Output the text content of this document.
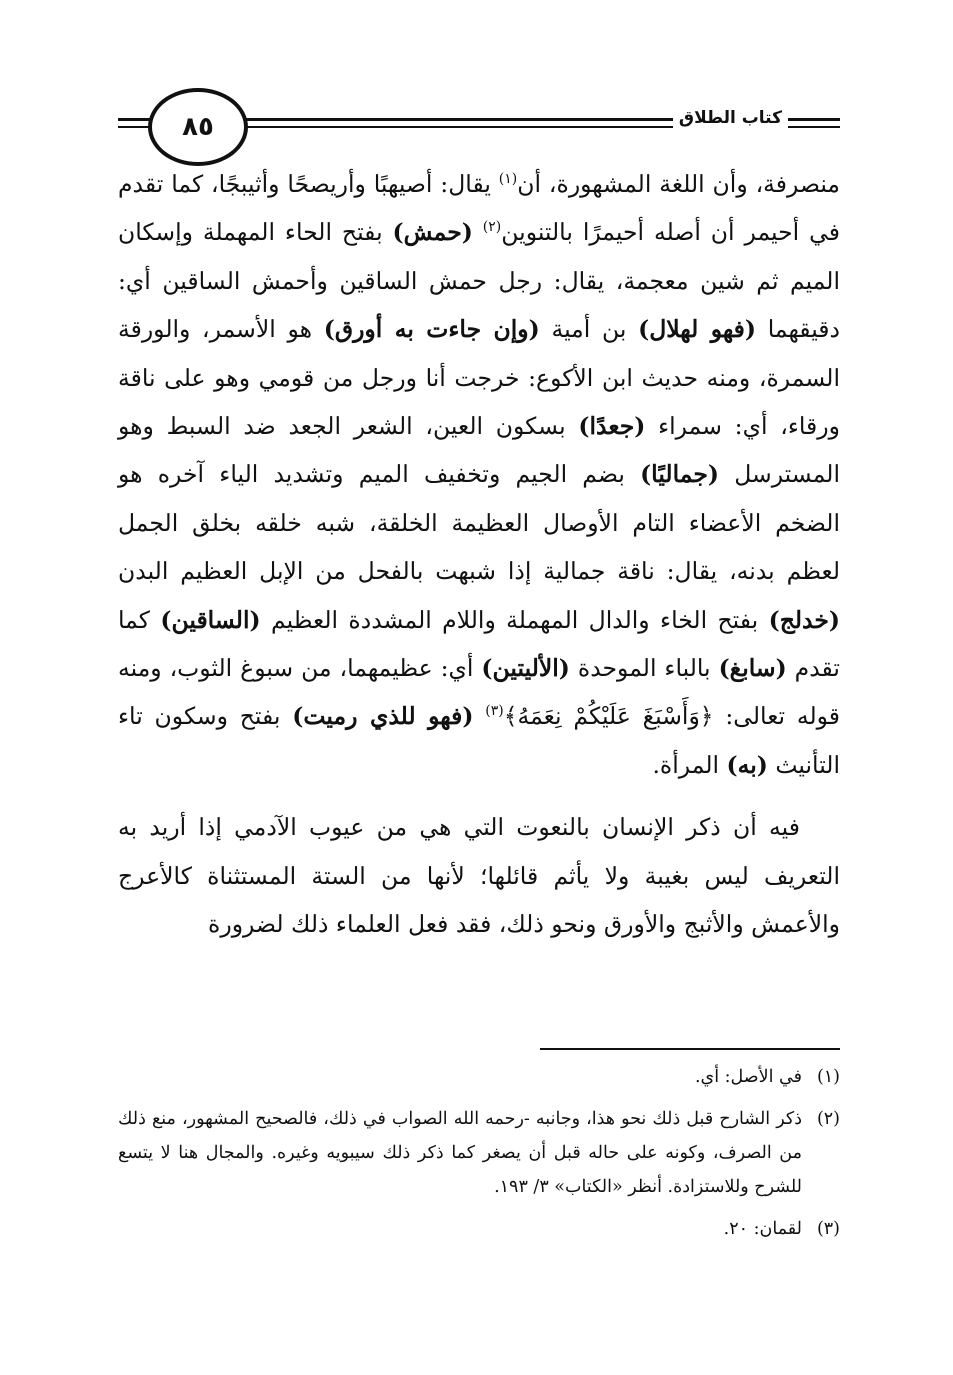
٨٥	كتاب الطلاق

منصرفة، وأن اللغة المشهورة، أن$^{(١)}$ يقال: أصيهبًا وأريصحًا وأثيبجًا، كما تقدم في أحيمر أن أصله أحيمرًا بالتنوين$^{(٢)}$ (حمش) بفتح الحاء المهملة وإسكان الميم ثم شين معجمة، يقال: رجل حمش الساقين وأحمش الساقين أي: دقيقهما (فهو لهلال) بن أمية (وإن جاءت به أورق) هو الأسمر، والورقة السمرة، ومنه حديث ابن الأكوع: خرجت أنا ورجل من قومي وهو على ناقة ورقاء، أي: سمراء (جعدًا) بسكون العين، الشعر الجعد ضد السبط وهو المسترسل (جماليًا) بضم الجيم وتخفيف الميم وتشديد الياء آخره هو الضخم الأعضاء التام الأوصال العظيمة الخلقة، شبه خلقه بخلق الجمل لعظم بدنه، يقال: ناقة جمالية إذا شبهت بالفحل من الإبل العظيم البدن (خدلج) بفتح الخاء والدال المهملة واللام المشددة العظيم (الساقين) كما تقدم (سابغ) بالباء الموحدة (الأليتين) أي: عظيمهما، من سبوغ الثوب، ومنه قوله تعالى: ﴿وَأَسْبَغَ عَلَيْكُمْ نِعَمَهُ﴾$^{(٣)}$ (فهو للذي رميت) بفتح وسكون تاء التأنيث (به) المرأة.

فيه أن ذكر الإنسان بالنعوت التي هي من عيوب الآدمي إذا أريد به التعريف ليس بغيبة ولا يأثم قائلها؛ لأنها من الستة المستثناة كالأعرج والأعمش والأثبج والأورق ونحو ذلك، فقد فعل العلماء ذلك لضرورة

(١)
في الأصل: أي.
(٢)
ذكر الشارح قبل ذلك نحو هذا، وجانبه -رحمه الله الصواب في ذلك، فالصحيح المشهور، منع ذلك من الصرف، وكونه على حاله قبل أن يصغر كما ذكر ذلك سيبويه وغيره. والمجال هنا لا يتسع للشرح وللاستزادة. أنظر «الكتاب» ٣/ ١٩٣.
(٣)
لقمان: ٢٠.
